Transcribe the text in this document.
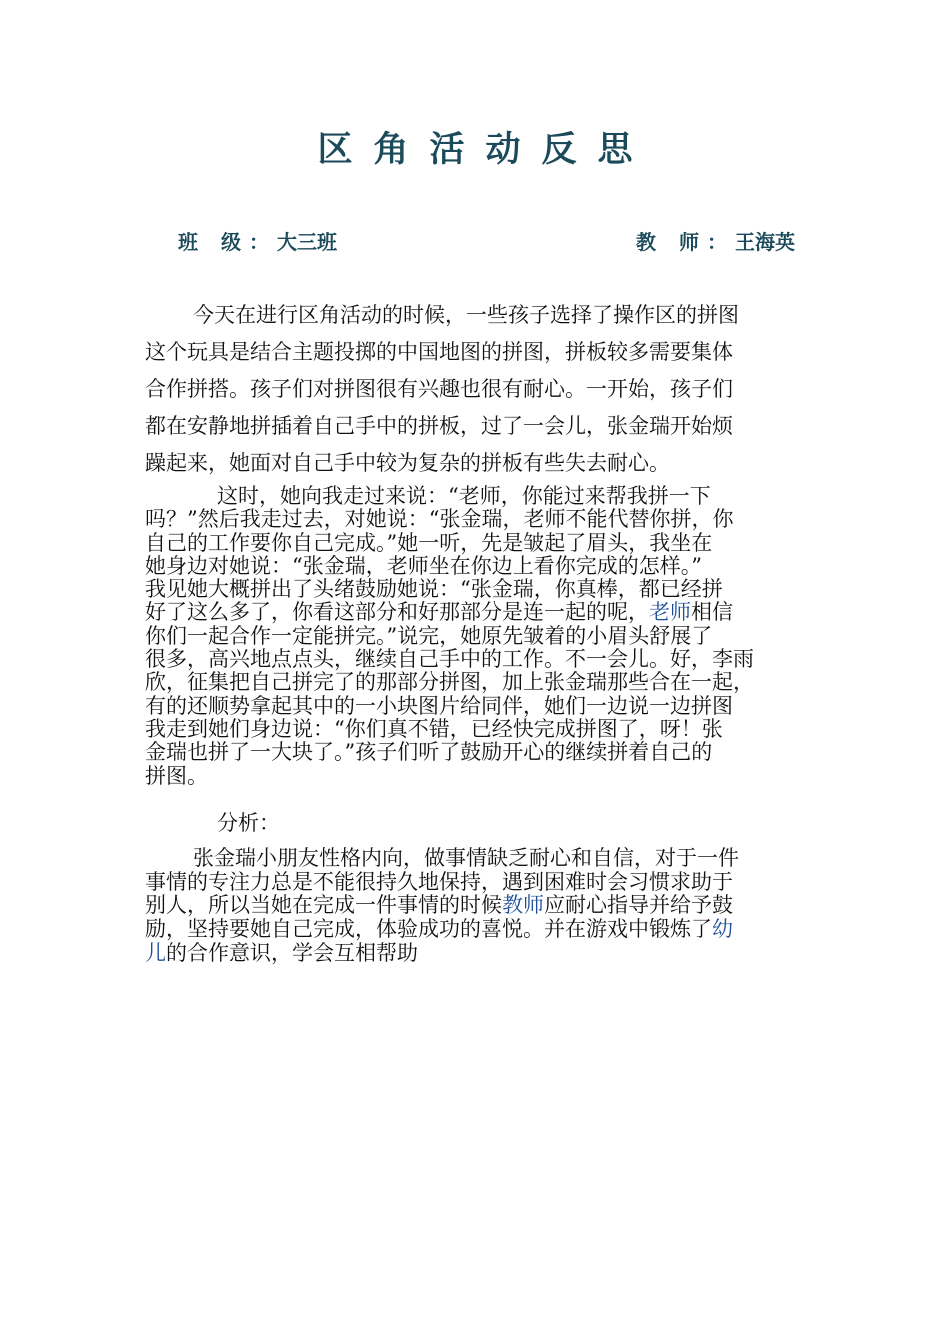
区角活动反思
班 级：大三班	教 师：王海英
今天在进行区角活动的时候，一些孩子选择了操作区的拼图
这个玩具是结合主题投掷的中国地图的拼图，拼板较多需要集体
合作拼搭。孩子们对拼图很有兴趣也很有耐心。一开始，孩子们
都在安静地拼插着自己手中的拼板，过了一会儿，张金瑞开始烦
躁起来，她面对自己手中较为复杂的拼板有些失去耐心。
这时，她向我走过来说：“老师，你能过来帮我拼一下
吗？”然后我走过去，对她说：“张金瑞，老师不能代替你拼，你
自己的工作要你自己完成。”她一听，先是皱起了眉头，我坐在
她身边对她说：“张金瑞，老师坐在你边上看你完成的怎样。”
我见她大概拼出了头绪鼓励她说：“张金瑞，你真棒，都已经拼
好了这么多了，你看这部分和好那部分是连一起的呢，老师相信
你们一起合作一定能拼完。”说完，她原先皱着的小眉头舒展了
很多，高兴地点点头，继续自己手中的工作。不一会儿。好，李雨
欣，征集把自己拼完了的那部分拼图，加上张金瑞那些合在一起，
有的还顺势拿起其中的一小块图片给同伴，她们一边说一边拼图
我走到她们身边说：“你们真不错，已经快完成拼图了，呀！张
金瑞也拼了一大块了。”孩子们听了鼓励开心的继续拼着自己的
拼图。
分析：
张金瑞小朋友性格内向，做事情缺乏耐心和自信，对于一件
事情的专注力总是不能很持久地保持，遇到困难时会习惯求助于
别人，所以当她在完成一件事情的时候教师应耐心指导并给予鼓
励，坚持要她自己完成，体验成功的喜悦。并在游戏中锻炼了幼
儿的合作意识，学会互相帮助
